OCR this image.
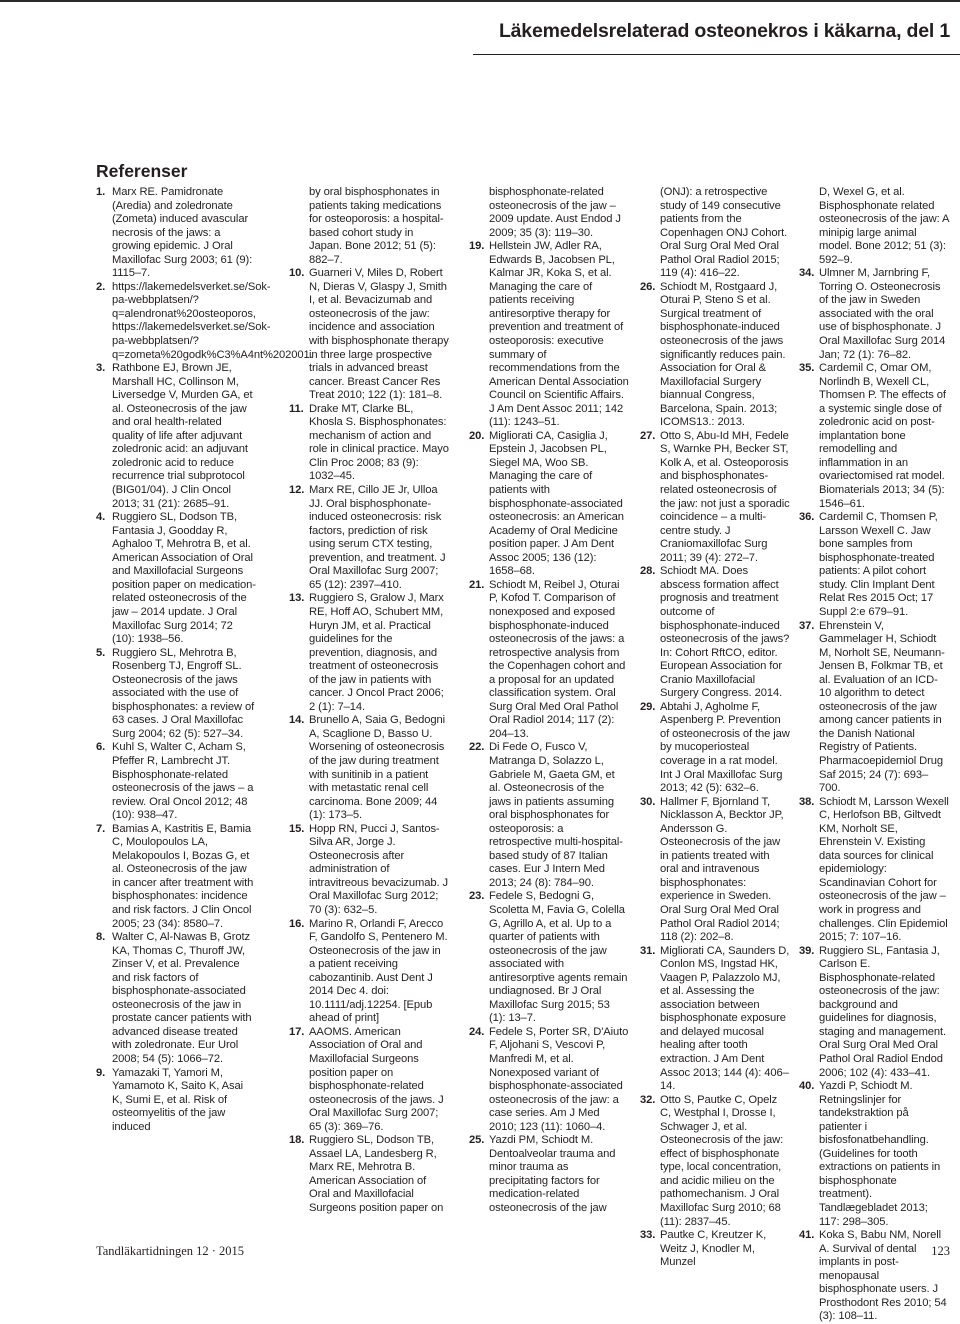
Läkemedelsrelaterad osteonekros i käkarna, del 1
Referenser
1. Marx RE. Pamidronate (Aredia) and zoledronate (Zometa) induced avascular necrosis of the jaws: a growing epidemic. J Oral Maxillofac Surg 2003; 61 (9): 1115–7.
2. https://lakemedelsverket.se/Sok-pa-webbplatsen/?q=alendronat%20osteoporos, https://lakemedelsverket.se/Sok-pa-webbplatsen/?q=zometa%20godk%C3%A4nt%202001.
3. Rathbone EJ, Brown JE, Marshall HC, Collinson M, Liversedge V, Murden GA, et al. Osteonecrosis of the jaw and oral health-related quality of life after adjuvant zoledronic acid: an adjuvant zoledronic acid to reduce recurrence trial subprotocol (BIG01/04). J Clin Oncol 2013; 31 (21): 2685–91.
4. Ruggiero SL, Dodson TB, Fantasia J, Goodday R, Aghaloo T, Mehrotra B, et al. American Association of Oral and Maxillofacial Surgeons position paper on medication-related osteonecrosis of the jaw – 2014 update. J Oral Maxillofac Surg 2014; 72 (10): 1938–56.
5. Ruggiero SL, Mehrotra B, Rosenberg TJ, Engroff SL. Osteonecrosis of the jaws associated with the use of bisphosphonates: a review of 63 cases. J Oral Maxillofac Surg 2004; 62 (5): 527–34.
6. Kuhl S, Walter C, Acham S, Pfeffer R, Lambrecht JT. Bisphosphonate-related osteonecrosis of the jaws – a review. Oral Oncol 2012; 48 (10): 938–47.
7. Bamias A, Kastritis E, Bamia C, Moulopoulos LA, Melakopoulos I, Bozas G, et al. Osteonecrosis of the jaw in cancer after treatment with bisphosphonates: incidence and risk factors. J Clin Oncol 2005; 23 (34): 8580–7.
8. Walter C, Al-Nawas B, Grotz KA, Thomas C, Thuroff JW, Zinser V, et al. Prevalence and risk factors of bisphosphonate-associated osteonecrosis of the jaw in prostate cancer patients with advanced disease treated with zoledronate. Eur Urol 2008; 54 (5): 1066–72.
9. Yamazaki T, Yamori M, Yamamoto K, Saito K, Asai K, Sumi E, et al. Risk of osteomyelitis of the jaw induced
by oral bisphosphonates in patients taking medications for osteoporosis: a hospital-based cohort study in Japan. Bone 2012; 51 (5): 882–7.
10. Guarneri V, Miles D, Robert N, Dieras V, Glaspy J, Smith I, et al. Bevacizumab and osteonecrosis of the jaw: incidence and association with bisphosphonate therapy in three large prospective trials in advanced breast cancer. Breast Cancer Res Treat 2010; 122 (1): 181–8.
11. Drake MT, Clarke BL, Khosla S. Bisphosphonates: mechanism of action and role in clinical practice. Mayo Clin Proc 2008; 83 (9): 1032–45.
12. Marx RE, Cillo JE Jr, Ulloa JJ. Oral bisphosphonate-induced osteonecrosis: risk factors, prediction of risk using serum CTX testing, prevention, and treatment. J Oral Maxillofac Surg 2007; 65 (12): 2397–410.
13. Ruggiero S, Gralow J, Marx RE, Hoff AO, Schubert MM, Huryn JM, et al. Practical guidelines for the prevention, diagnosis, and treatment of osteonecrosis of the jaw in patients with cancer. J Oncol Pract 2006; 2 (1): 7–14.
14. Brunello A, Saia G, Bedogni A, Scaglione D, Basso U. Worsening of osteonecrosis of the jaw during treatment with sunitinib in a patient with metastatic renal cell carcinoma. Bone 2009; 44 (1): 173–5.
15. Hopp RN, Pucci J, Santos-Silva AR, Jorge J. Osteonecrosis after administration of intravitreous bevacizumab. J Oral Maxillofac Surg 2012; 70 (3): 632–5.
16. Marino R, Orlandi F, Arecco F, Gandolfo S, Pentenero M. Osteonecrosis of the jaw in a patient receiving cabozantinib. Aust Dent J 2014 Dec 4. doi: 10.1111/adj.12254. [Epub ahead of print]
17. AAOMS. American Association of Oral and Maxillofacial Surgeons position paper on bisphosphonate-related osteonecrosis of the jaws. J Oral Maxillofac Surg 2007; 65 (3): 369–76.
18. Ruggiero SL, Dodson TB, Assael LA, Landesberg R, Marx RE, Mehrotra B. American Association of Oral and Maxillofacial Surgeons position paper on
bisphosphonate-related osteonecrosis of the jaw – 2009 update. Aust Endod J 2009; 35 (3): 119–30.
19. Hellstein JW, Adler RA, Edwards B, Jacobsen PL, Kalmar JR, Koka S, et al. Managing the care of patients receiving antiresorptive therapy for prevention and treatment of osteoporosis: executive summary of recommendations from the American Dental Association Council on Scientific Affairs. J Am Dent Assoc 2011; 142 (11): 1243–51.
20. Migliorati CA, Casiglia J, Epstein J, Jacobsen PL, Siegel MA, Woo SB. Managing the care of patients with bisphosphonate-associated osteonecrosis: an American Academy of Oral Medicine position paper. J Am Dent Assoc 2005; 136 (12): 1658–68.
21. Schiodt M, Reibel J, Oturai P, Kofod T. Comparison of nonexposed and exposed bisphosphonate-induced osteonecrosis of the jaws: a retrospective analysis from the Copenhagen cohort and a proposal for an updated classification system. Oral Surg Oral Med Oral Pathol Oral Radiol 2014; 117 (2): 204–13.
22. Di Fede O, Fusco V, Matranga D, Solazzo L, Gabriele M, Gaeta GM, et al. Osteonecrosis of the jaws in patients assuming oral bisphosphonates for osteoporosis: a retrospective multi-hospital-based study of 87 Italian cases. Eur J Intern Med 2013; 24 (8): 784–90.
23. Fedele S, Bedogni G, Scoletta M, Favia G, Colella G, Agrillo A, et al. Up to a quarter of patients with osteonecrosis of the jaw associated with antiresorptive agents remain undiagnosed. Br J Oral Maxillofac Surg 2015; 53 (1): 13–7.
24. Fedele S, Porter SR, D'Aiuto F, Aljohani S, Vescovi P, Manfredi M, et al. Nonexposed variant of bisphosphonate-associated osteonecrosis of the jaw: a case series. Am J Med 2010; 123 (11): 1060–4.
25. Yazdi PM, Schiodt M. Dentoalveolar trauma and minor trauma as precipitating factors for medication-related osteonecrosis of the jaw
(ONJ): a retrospective study of 149 consecutive patients from the Copenhagen ONJ Cohort. Oral Surg Oral Med Oral Pathol Oral Radiol 2015; 119 (4): 416–22.
26. Schiodt M, Rostgaard J, Oturai P, Steno S et al. Surgical treatment of bisphosphonate-induced osteonecrosis of the jaws significantly reduces pain. Association for Oral & Maxillofacial Surgery biannual Congress, Barcelona, Spain. 2013; ICOMS13.: 2013.
27. Otto S, Abu-Id MH, Fedele S, Warnke PH, Becker ST, Kolk A, et al. Osteoporosis and bisphosphonates-related osteonecrosis of the jaw: not just a sporadic coincidence – a multi-centre study. J Craniomaxillofac Surg 2011; 39 (4): 272–7.
28. Schiodt MA. Does abscess formation affect prognosis and treatment outcome of bisphosphonate-induced osteonecrosis of the jaws? In: Cohort RftCO, editor. European Association for Cranio Maxillofacial Surgery Congress. 2014.
29. Abtahi J, Agholme F, Aspenberg P. Prevention of osteonecrosis of the jaw by mucoperiosteal coverage in a rat model. Int J Oral Maxillofac Surg 2013; 42 (5): 632–6.
30. Hallmer F, Bjornland T, Nicklasson A, Becktor JP, Andersson G. Osteonecrosis of the jaw in patients treated with oral and intravenous bisphosphonates: experience in Sweden. Oral Surg Oral Med Oral Pathol Oral Radiol 2014; 118 (2): 202–8.
31. Migliorati CA, Saunders D, Conlon MS, Ingstad HK, Vaagen P, Palazzolo MJ, et al. Assessing the association between bisphosphonate exposure and delayed mucosal healing after tooth extraction. J Am Dent Assoc 2013; 144 (4): 406–14.
32. Otto S, Pautke C, Opelz C, Westphal I, Drosse I, Schwager J, et al. Osteonecrosis of the jaw: effect of bisphosphonate type, local concentration, and acidic milieu on the pathomechanism. J Oral Maxillofac Surg 2010; 68 (11): 2837–45.
33. Pautke C, Kreutzer K, Weitz J, Knodler M, Munzel
D, Wexel G, et al. Bisphosphonate related osteonecrosis of the jaw: A minipig large animal model. Bone 2012; 51 (3): 592–9.
34. Ulmner M, Jarnbring F, Torring O. Osteonecrosis of the jaw in Sweden associated with the oral use of bisphosphonate. J Oral Maxillofac Surg 2014 Jan; 72 (1): 76–82.
35. Cardemil C, Omar OM, Norlindh B, Wexell CL, Thomsen P. The effects of a systemic single dose of zoledronic acid on post-implantation bone remodelling and inflammation in an ovariectomised rat model. Biomaterials 2013; 34 (5): 1546–61.
36. Cardemil C, Thomsen P, Larsson Wexell C. Jaw bone samples from bisphosphonate-treated patients: A pilot cohort study. Clin Implant Dent Relat Res 2015 Oct; 17 Suppl 2:e 679–91.
37. Ehrenstein V, Gammelager H, Schiodt M, Norholt SE, Neumann-Jensen B, Folkmar TB, et al. Evaluation of an ICD-10 algorithm to detect osteonecrosis of the jaw among cancer patients in the Danish National Registry of Patients. Pharmacoepidemiol Drug Saf 2015; 24 (7): 693–700.
38. Schiodt M, Larsson Wexell C, Herlofson BB, Giltvedt KM, Norholt SE, Ehrenstein V. Existing data sources for clinical epidemiology: Scandinavian Cohort for osteonecrosis of the jaw – work in progress and challenges. Clin Epidemiol 2015; 7: 107–16.
39. Ruggiero SL, Fantasia J, Carlson E. Bisphosphonate-related osteonecrosis of the jaw: background and guidelines for diagnosis, staging and management. Oral Surg Oral Med Oral Pathol Oral Radiol Endod 2006; 102 (4): 433–41.
40. Yazdi P, Schiodt M. Retningslinjer for tandekstraktion på patienter i bisfosfonatbehandling. (Guidelines for tooth extractions on patients in bisphosphonate treatment). Tandlægebladet 2013; 117: 298–305.
41. Koka S, Babu NM, Norell A. Survival of dental implants in post-menopausal bisphosphonate users. J Prosthodont Res 2010; 54 (3): 108–11.
Tandläkartidningen 12 · 2015	123
